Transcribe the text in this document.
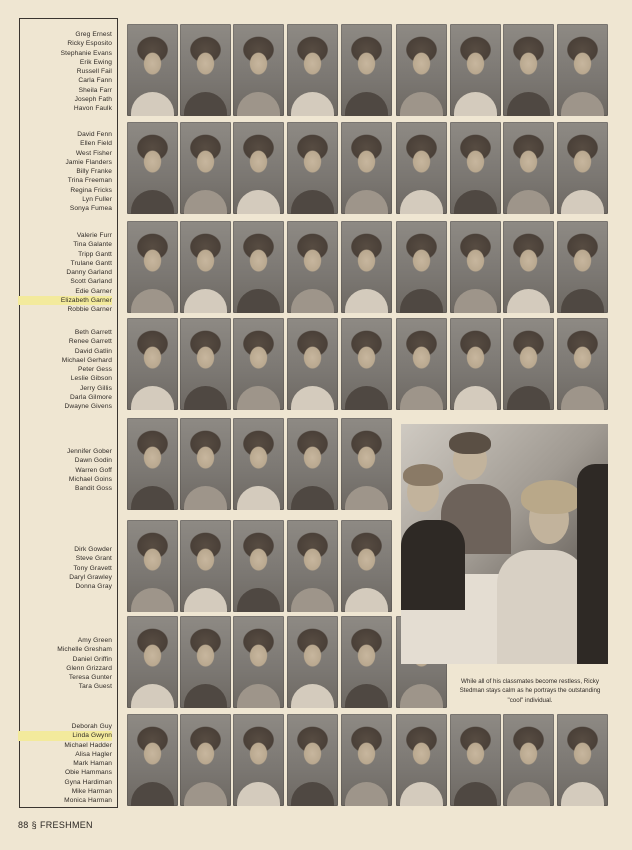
Greg Ernest
Ricky Esposito
Stephanie Evans
Erik Ewing
Russell Fail
Carla Fann
Sheila Farr
Joseph Fath
Havon Faulk
David Fenn
Ellen Field
West Fisher
Jamie Flanders
Billy Franke
Trina Freeman
Regina Fricks
Lyn Fuller
Sonya Fumea
Valerie Furr
Tina Galante
Tripp Gantt
Trulane Gantt
Danny Garland
Scott Garland
Edie Garner
Elizabeth Garner
Robbie Garner
Beth Garrett
Renee Garrett
David Gatlin
Michael Gerhard
Peter Gess
Leslie Gibson
Jerry Gillis
Darla Gilmore
Dwayne Givens
Jennifer Gober
Dawn Godin
Warren Goff
Michael Goins
Bandit Goss
Dirk Gowder
Steve Grant
Tony Gravett
Daryl Grawley
Donna Gray
Amy Green
Michelle Gresham
Daniel Griffin
Glenn Grizzard
Teresa Gunter
Tara Guest
Deborah Guy
Linda Gwynn
Michael Hadder
Alisa Hagler
Mark Haman
Obie Hammans
Gyna Hardiman
Mike Harman
Monica Harman
While all of his classmates become restless, Ricky Stedman stays calm as he portrays the outstanding "cool" individual.
88 § FRESHMEN
